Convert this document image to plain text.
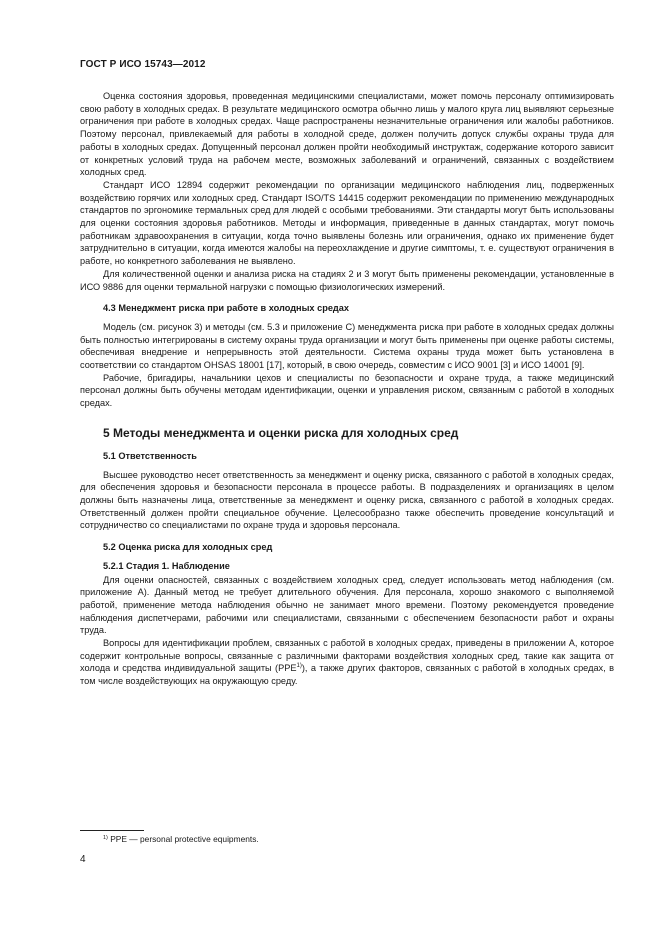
ГОСТ Р ИСО 15743—2012

Оценка состояния здоровья, проведенная медицинскими специалистами, может помочь персоналу оптимизировать свою работу в холодных средах. В результате медицинского осмотра обычно лишь у малого круга лиц выявляют серьезные ограничения при работе в холодных средах. Чаще распространены незначительные ограничения или жалобы работников. Поэтому персонал, привлекаемый для работы в холодной среде, должен получить допуск службы охраны труда для работы в холодных средах. Допущенный персонал должен пройти необходимый инструктаж, содержание которого зависит от конкретных условий труда на рабочем месте, возможных заболеваний и ограничений, связанных с воздействием холодных сред.

Стандарт ИСО 12894 содержит рекомендации по организации медицинского наблюдения лиц, подверженных воздействию горячих или холодных сред. Стандарт ISO/TS 14415 содержит рекомендации по применению международных стандартов по эргономике термальных сред для людей с особыми требованиями. Эти стандарты могут быть использованы для оценки состояния здоровья работников. Методы и информация, приведенные в данных стандартах, могут помочь работникам здравоохранения в ситуации, когда точно выявлены болезнь или ограничения, однако их применение будет затруднительно в ситуации, когда имеются жалобы на переохлаждение и другие симптомы, т. е. существуют ограничения в работе, но конкретного заболевания не выявлено.

Для количественной оценки и анализа риска на стадиях 2 и 3 могут быть применены рекомендации, установленные в ИСО 9886 для оценки термальной нагрузки с помощью физиологических измерений.

4.3 Менеджмент риска при работе в холодных средах

Модель (см. рисунок 3) и методы (см. 5.3 и приложение С) менеджмента риска при работе в холодных средах должны быть полностью интегрированы в систему охраны труда организации и могут быть применены при оценке работы системы, обеспечивая внедрение и непрерывность этой деятельности. Система охраны труда может быть установлена в соответствии со стандартом OHSAS 18001 [17], который, в свою очередь, совместим с ИСО 9001 [3] и ИСО 14001 [9].

Рабочие, бригадиры, начальники цехов и специалисты по безопасности и охране труда, а также медицинский персонал должны быть обучены методам идентификации, оценки и управления риском, связанным с работой в холодных средах.

5 Методы менеджмента и оценки риска для холодных сред
5.1 Ответственность

Высшее руководство несет ответственность за менеджмент и оценку риска, связанного с работой в холодных средах, для обеспечения здоровья и безопасности персонала в процессе работы. В подразделениях и организациях в целом должны быть назначены лица, ответственные за менеджмент и оценку риска, связанного с работой в холодных средах. Ответственный должен пройти специальное обучение. Целесообразно также обеспечить проведение консультаций и сотрудничество со специалистами по охране труда и здоровья персонала.

5.2 Оценка риска для холодных сред
5.2.1 Стадия 1. Наблюдение

Для оценки опасностей, связанных с воздействием холодных сред, следует использовать метод наблюдения (см. приложение А). Данный метод не требует длительного обучения. Для персонала, хорошо знакомого с выполняемой работой, применение метода наблюдения обычно не занимает много времени. Поэтому рекомендуется проведение наблюдения диспетчерами, рабочими или специалистами, связанными с обеспечением безопасности работ и охраны труда.

Вопросы для идентификации проблем, связанных с работой в холодных средах, приведены в приложении А, которое содержит контрольные вопросы, связанные с различными факторами воздействия холодных сред, такие как защита от холода и средства индивидуальной защиты (PPE$^{1)}$), а также других факторов, связанных с работой в холодных средах, в том числе воздействующих на окружающую среду.

$^{1)}$ PPE — personal protective equipments.
4
